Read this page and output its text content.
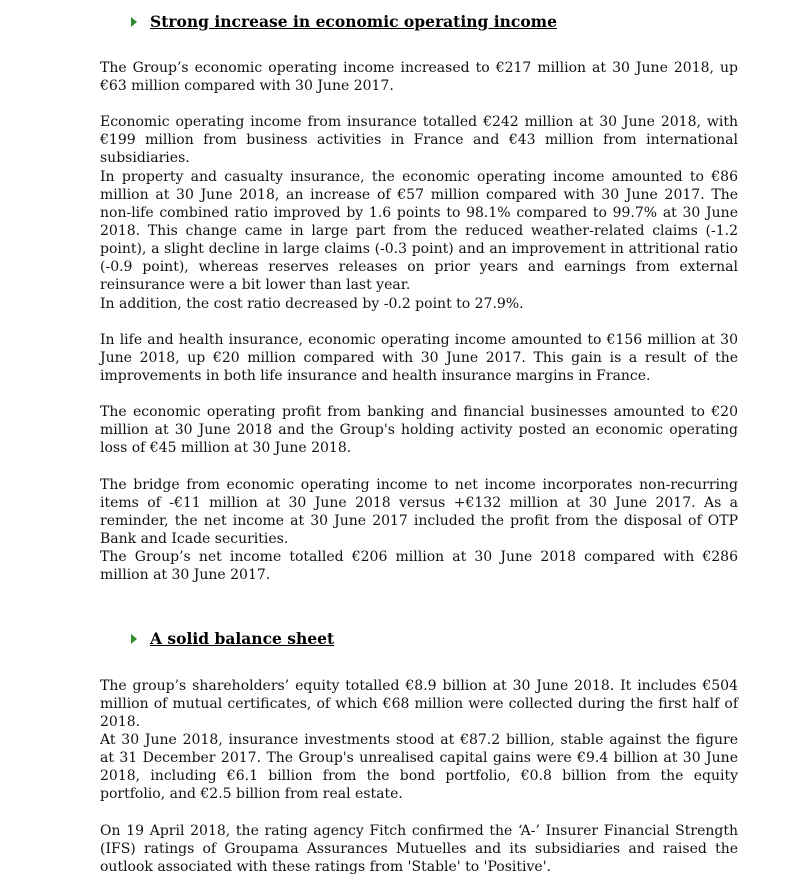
Strong increase in economic operating income

The Group’s economic operating income increased to €217 million at 30 June 2018, up €63 million compared with 30 June 2017.

Economic operating income from insurance totalled €242 million at 30 June 2018, with €199 million from business activities in France and €43 million from international subsidiaries.

In property and casualty insurance, the economic operating income amounted to €86 million at 30 June 2018, an increase of €57 million compared with 30 June 2017. The non-life combined ratio improved by 1.6 points to 98.1% compared to 99.7% at 30 June 2018. This change came in large part from the reduced weather-related claims (-1.2 point), a slight decline in large claims (-0.3 point) and an improvement in attritional ratio (-0.9 point), whereas reserves releases on prior years and earnings from external reinsurance were a bit lower than last year.

In addition, the cost ratio decreased by -0.2 point to 27.9%.

In life and health insurance, economic operating income amounted to €156 million at 30 June 2018, up €20 million compared with 30 June 2017. This gain is a result of the improvements in both life insurance and health insurance margins in France.

The economic operating profit from banking and financial businesses amounted to €20 million at 30 June 2018 and the Group's holding activity posted an economic operating loss of €45 million at 30 June 2018.

The bridge from economic operating income to net income incorporates non-recurring items of -€11 million at 30 June 2018 versus +€132 million at 30 June 2017. As a reminder, the net income at 30 June 2017 included the profit from the disposal of OTP Bank and Icade securities.

The Group’s net income totalled €206 million at 30 June 2018 compared with €286 million at 30 June 2017.

A solid balance sheet

The group’s shareholders’ equity totalled €8.9 billion at 30 June 2018. It includes €504 million of mutual certificates, of which €68 million were collected during the first half of 2018.

At 30 June 2018, insurance investments stood at €87.2 billion, stable against the figure at 31 December 2017. The Group's unrealised capital gains were €9.4 billion at 30 June 2018, including €6.1 billion from the bond portfolio, €0.8 billion from the equity portfolio, and €2.5 billion from real estate.

On 19 April 2018, the rating agency Fitch confirmed the ‘A-’ Insurer Financial Strength (IFS) ratings of Groupama Assurances Mutuelles and its subsidiaries and raised the outlook associated with these ratings from 'Stable' to 'Positive'.
